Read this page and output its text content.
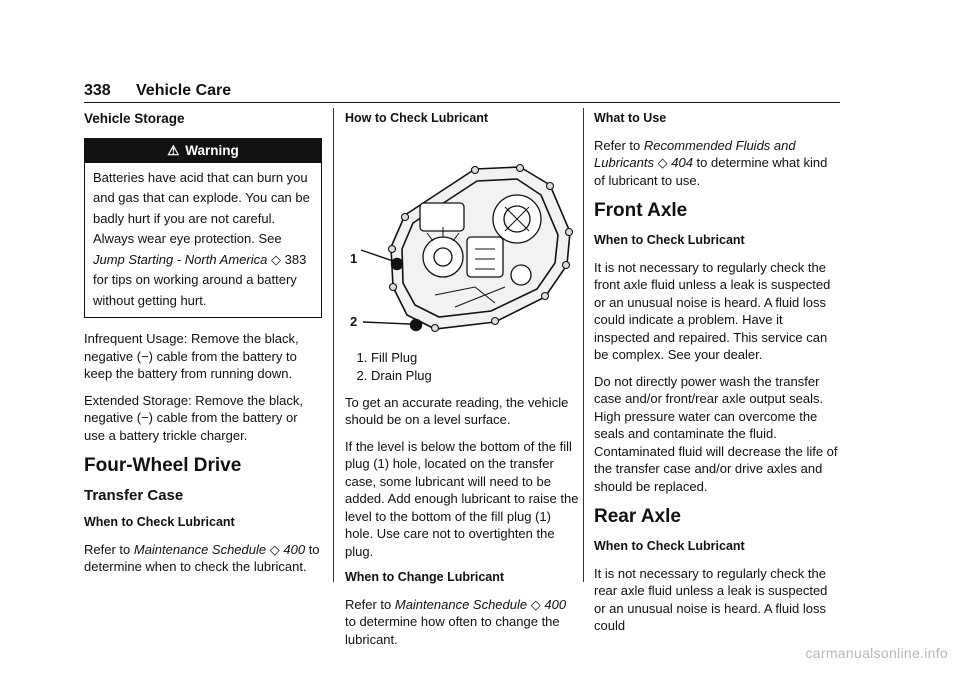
338 Vehicle Care
Vehicle Storage
⚠ Warning
Batteries have acid that can burn you and gas that can explode. You can be badly hurt if you are not careful. Always wear eye protection. See Jump Starting - North America ◇ 383 for tips on working around a battery without getting hurt.

Infrequent Usage: Remove the black, negative (−) cable from the battery to keep the battery from running down.

Extended Storage: Remove the black, negative (−) cable from the battery or use a battery trickle charger.

Four-Wheel Drive
Transfer Case
When to Check Lubricant

Refer to Maintenance Schedule ◇ 400 to determine when to check the lubricant.

How to Check Lubricant
1
2
1. Fill Plug
2. Drain Plug

To get an accurate reading, the vehicle should be on a level surface.

If the level is below the bottom of the fill plug (1) hole, located on the transfer case, some lubricant will need to be added. Add enough lubricant to raise the level to the bottom of the fill plug (1) hole. Use care not to overtighten the plug.

When to Change Lubricant

Refer to Maintenance Schedule ◇ 400 to determine how often to change the lubricant.

What to Use

Refer to Recommended Fluids and Lubricants ◇ 404 to determine what kind of lubricant to use.

Front Axle
When to Check Lubricant

It is not necessary to regularly check the front axle fluid unless a leak is suspected or an unusual noise is heard. A fluid loss could indicate a problem. Have it inspected and repaired. This service can be complex. See your dealer.

Do not directly power wash the transfer case and/or front/rear axle output seals. High pressure water can overcome the seals and contaminate the fluid. Contaminated fluid will decrease the life of the transfer case and/or drive axles and should be replaced.

Rear Axle
When to Check Lubricant

It is not necessary to regularly check the rear axle fluid unless a leak is suspected or an unusual noise is heard. A fluid loss could

carmanualsonline.info
